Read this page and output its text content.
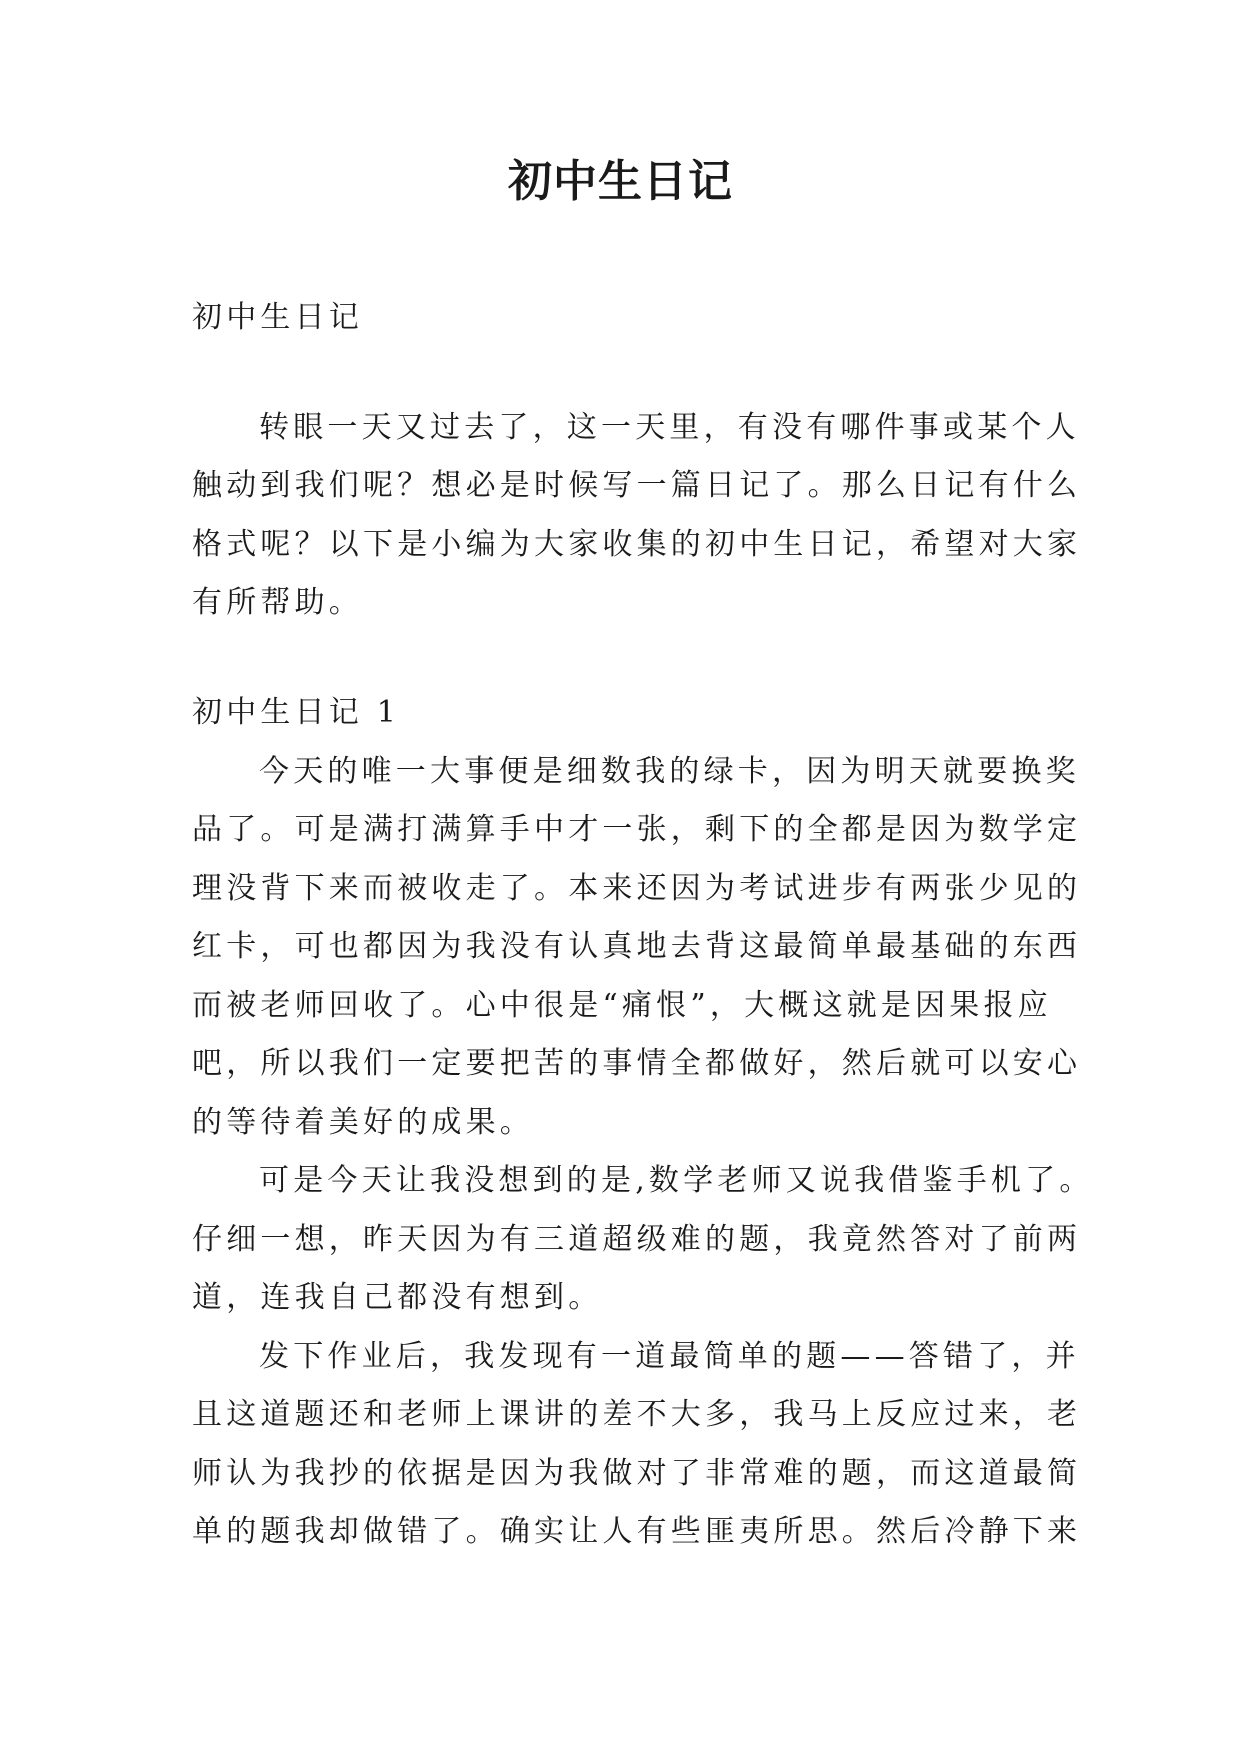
初中生日记
初中生日记
转眼一天又过去了，这一天里，有没有哪件事或某个人
触动到我们呢？想必是时候写一篇日记了。那么日记有什么
格式呢？以下是小编为大家收集的初中生日记，希望对大家
有所帮助。
初中生日记 1
今天的唯一大事便是细数我的绿卡，因为明天就要换奖
品了。可是满打满算手中才一张，剩下的全都是因为数学定
理没背下来而被收走了。本来还因为考试进步有两张少见的
红卡，可也都因为我没有认真地去背这最简单最基础的东西
而被老师回收了。心中很是“痛恨”，大概这就是因果报应
吧，所以我们一定要把苦的事情全都做好，然后就可以安心
的等待着美好的成果。
可是今天让我没想到的是,数学老师又说我借鉴手机了。
仔细一想，昨天因为有三道超级难的题，我竟然答对了前两
道，连我自己都没有想到。
发下作业后，我发现有一道最简单的题——答错了，并
且这道题还和老师上课讲的差不大多，我马上反应过来，老
师认为我抄的依据是因为我做对了非常难的题，而这道最简
单的题我却做错了。确实让人有些匪夷所思。然后冷静下来
